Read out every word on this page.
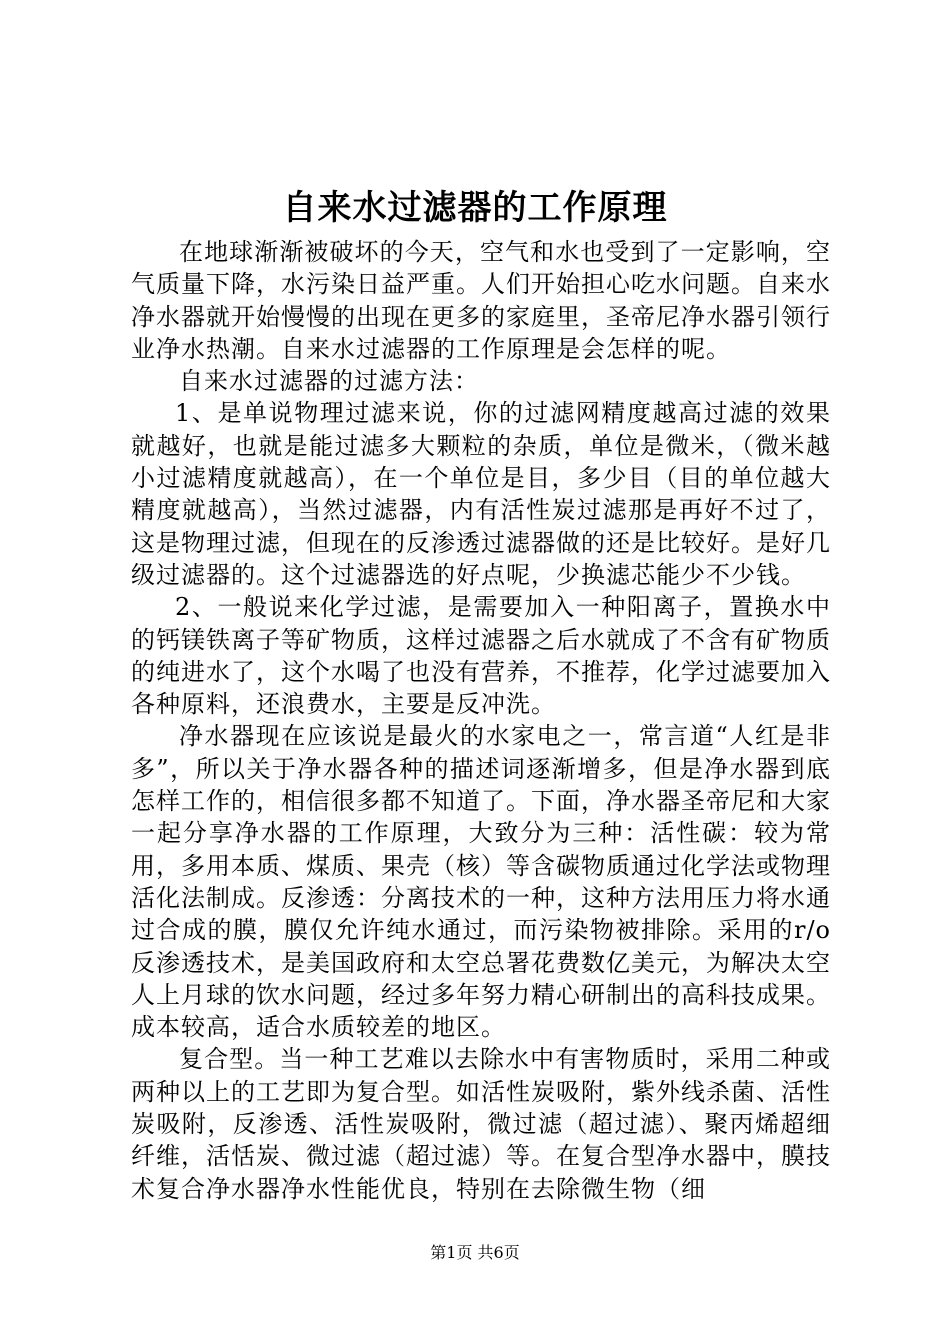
自来水过滤器的工作原理

在地球渐渐被破坏的今天，空气和水也受到了一定影响，空气质量下降，水污染日益严重。人们开始担心吃水问题。自来水净水器就开始慢慢的出现在更多的家庭里，圣帝尼净水器引领行业净水热潮。自来水过滤器的工作原理是会怎样的呢。

自来水过滤器的过滤方法：

1、是单说物理过滤来说，你的过滤网精度越高过滤的效果就越好，也就是能过滤多大颗粒的杂质，单位是微米，（微米越小过滤精度就越高），在一个单位是目，多少目（目的单位越大精度就越高），当然过滤器，内有活性炭过滤那是再好不过了，这是物理过滤，但现在的反渗透过滤器做的还是比较好。是好几级过滤器的。这个过滤器选的好点呢，少换滤芯能少不少钱。

2、一般说来化学过滤，是需要加入一种阳离子，置换水中的钙镁铁离子等矿物质，这样过滤器之后水就成了不含有矿物质的纯进水了，这个水喝了也没有营养，不推荐，化学过滤要加入各种原料，还浪费水，主要是反冲洗。

净水器现在应该说是最火的水家电之一，常言道“人红是非多”，所以关于净水器各种的描述词逐渐增多，但是净水器到底怎样工作的，相信很多都不知道了。下面，净水器圣帝尼和大家一起分享净水器的工作原理，大致分为三种：活性碳：较为常用，多用本质、煤质、果壳（核）等含碳物质通过化学法或物理活化法制成。反渗透：分离技术的一种，这种方法用压力将水通过合成的膜，膜仅允许纯水通过，而污染物被排除。采用的r/o反渗透技术，是美国政府和太空总署花费数亿美元，为解决太空人上月球的饮水问题，经过多年努力精心研制出的高科技成果。成本较高，适合水质较差的地区。

复合型。当一种工艺难以去除水中有害物质时，采用二种或两种以上的工艺即为复合型。如活性炭吸附，紫外线杀菌、活性炭吸附，反渗透、活性炭吸附，微过滤（超过滤）、聚丙烯超细纤维，活恬炭、微过滤（超过滤）等。在复合型净水器中，膜技术复合净水器净水性能优良，特别在去除微生物（细

第1页 共6页
